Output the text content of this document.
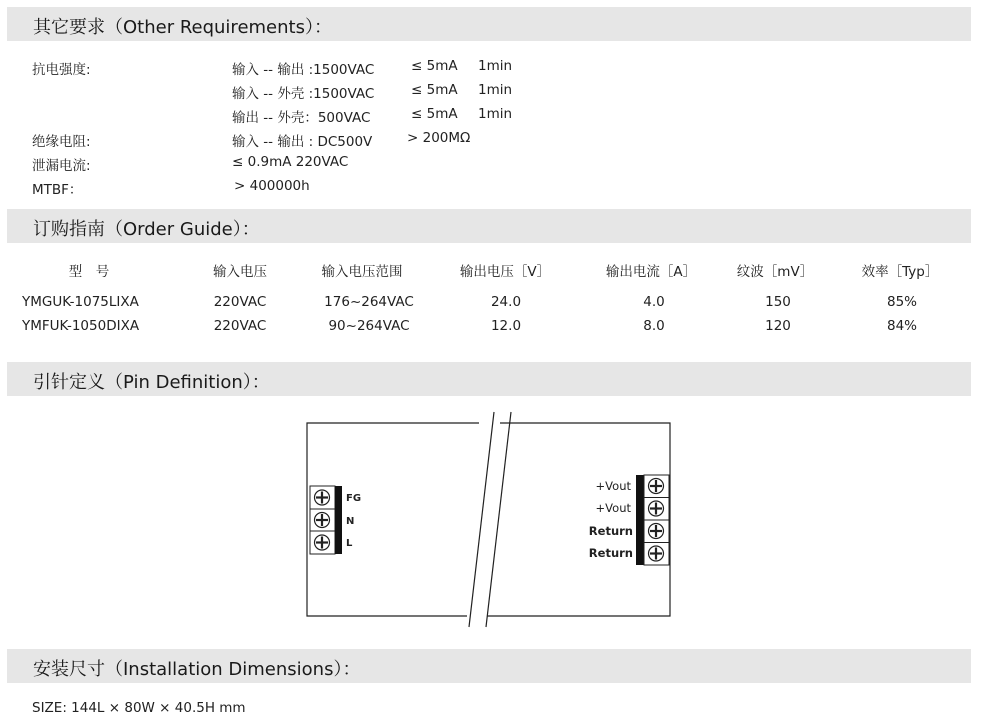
其它要求（Other Requirements）：
抗电强度:	输入 -- 输出 :1500VAC	≤ 5mA 1min
输入 -- 外壳 :1500VAC	≤ 5mA 1min
输出 -- 外壳：500VAC	≤ 5mA 1min
绝缘电阻:	输入 -- 输出 : DC500V	> 200MΩ
泄漏电流:	≤ 0.9mA 220VAC
MTBF：	> 400000h
订购指南（Order Guide）：
型　号	输入电压	输入电压范围	输出电压［V］	输出电流［A］	纹波［mV］	效率［Typ］
YMGUK-1075LIXA	220VAC	176~264VAC	24.0	4.0	150	85%
YMFUK-1050DIXA	220VAC	90~264VAC	12.0	8.0	120	84%
引针定义（Pin Definition）：
FG
N
L
+Vout
+Vout
Return
Return
安装尺寸（Installation Dimensions）：
SIZE: 144L × 80W × 40.5H mm
